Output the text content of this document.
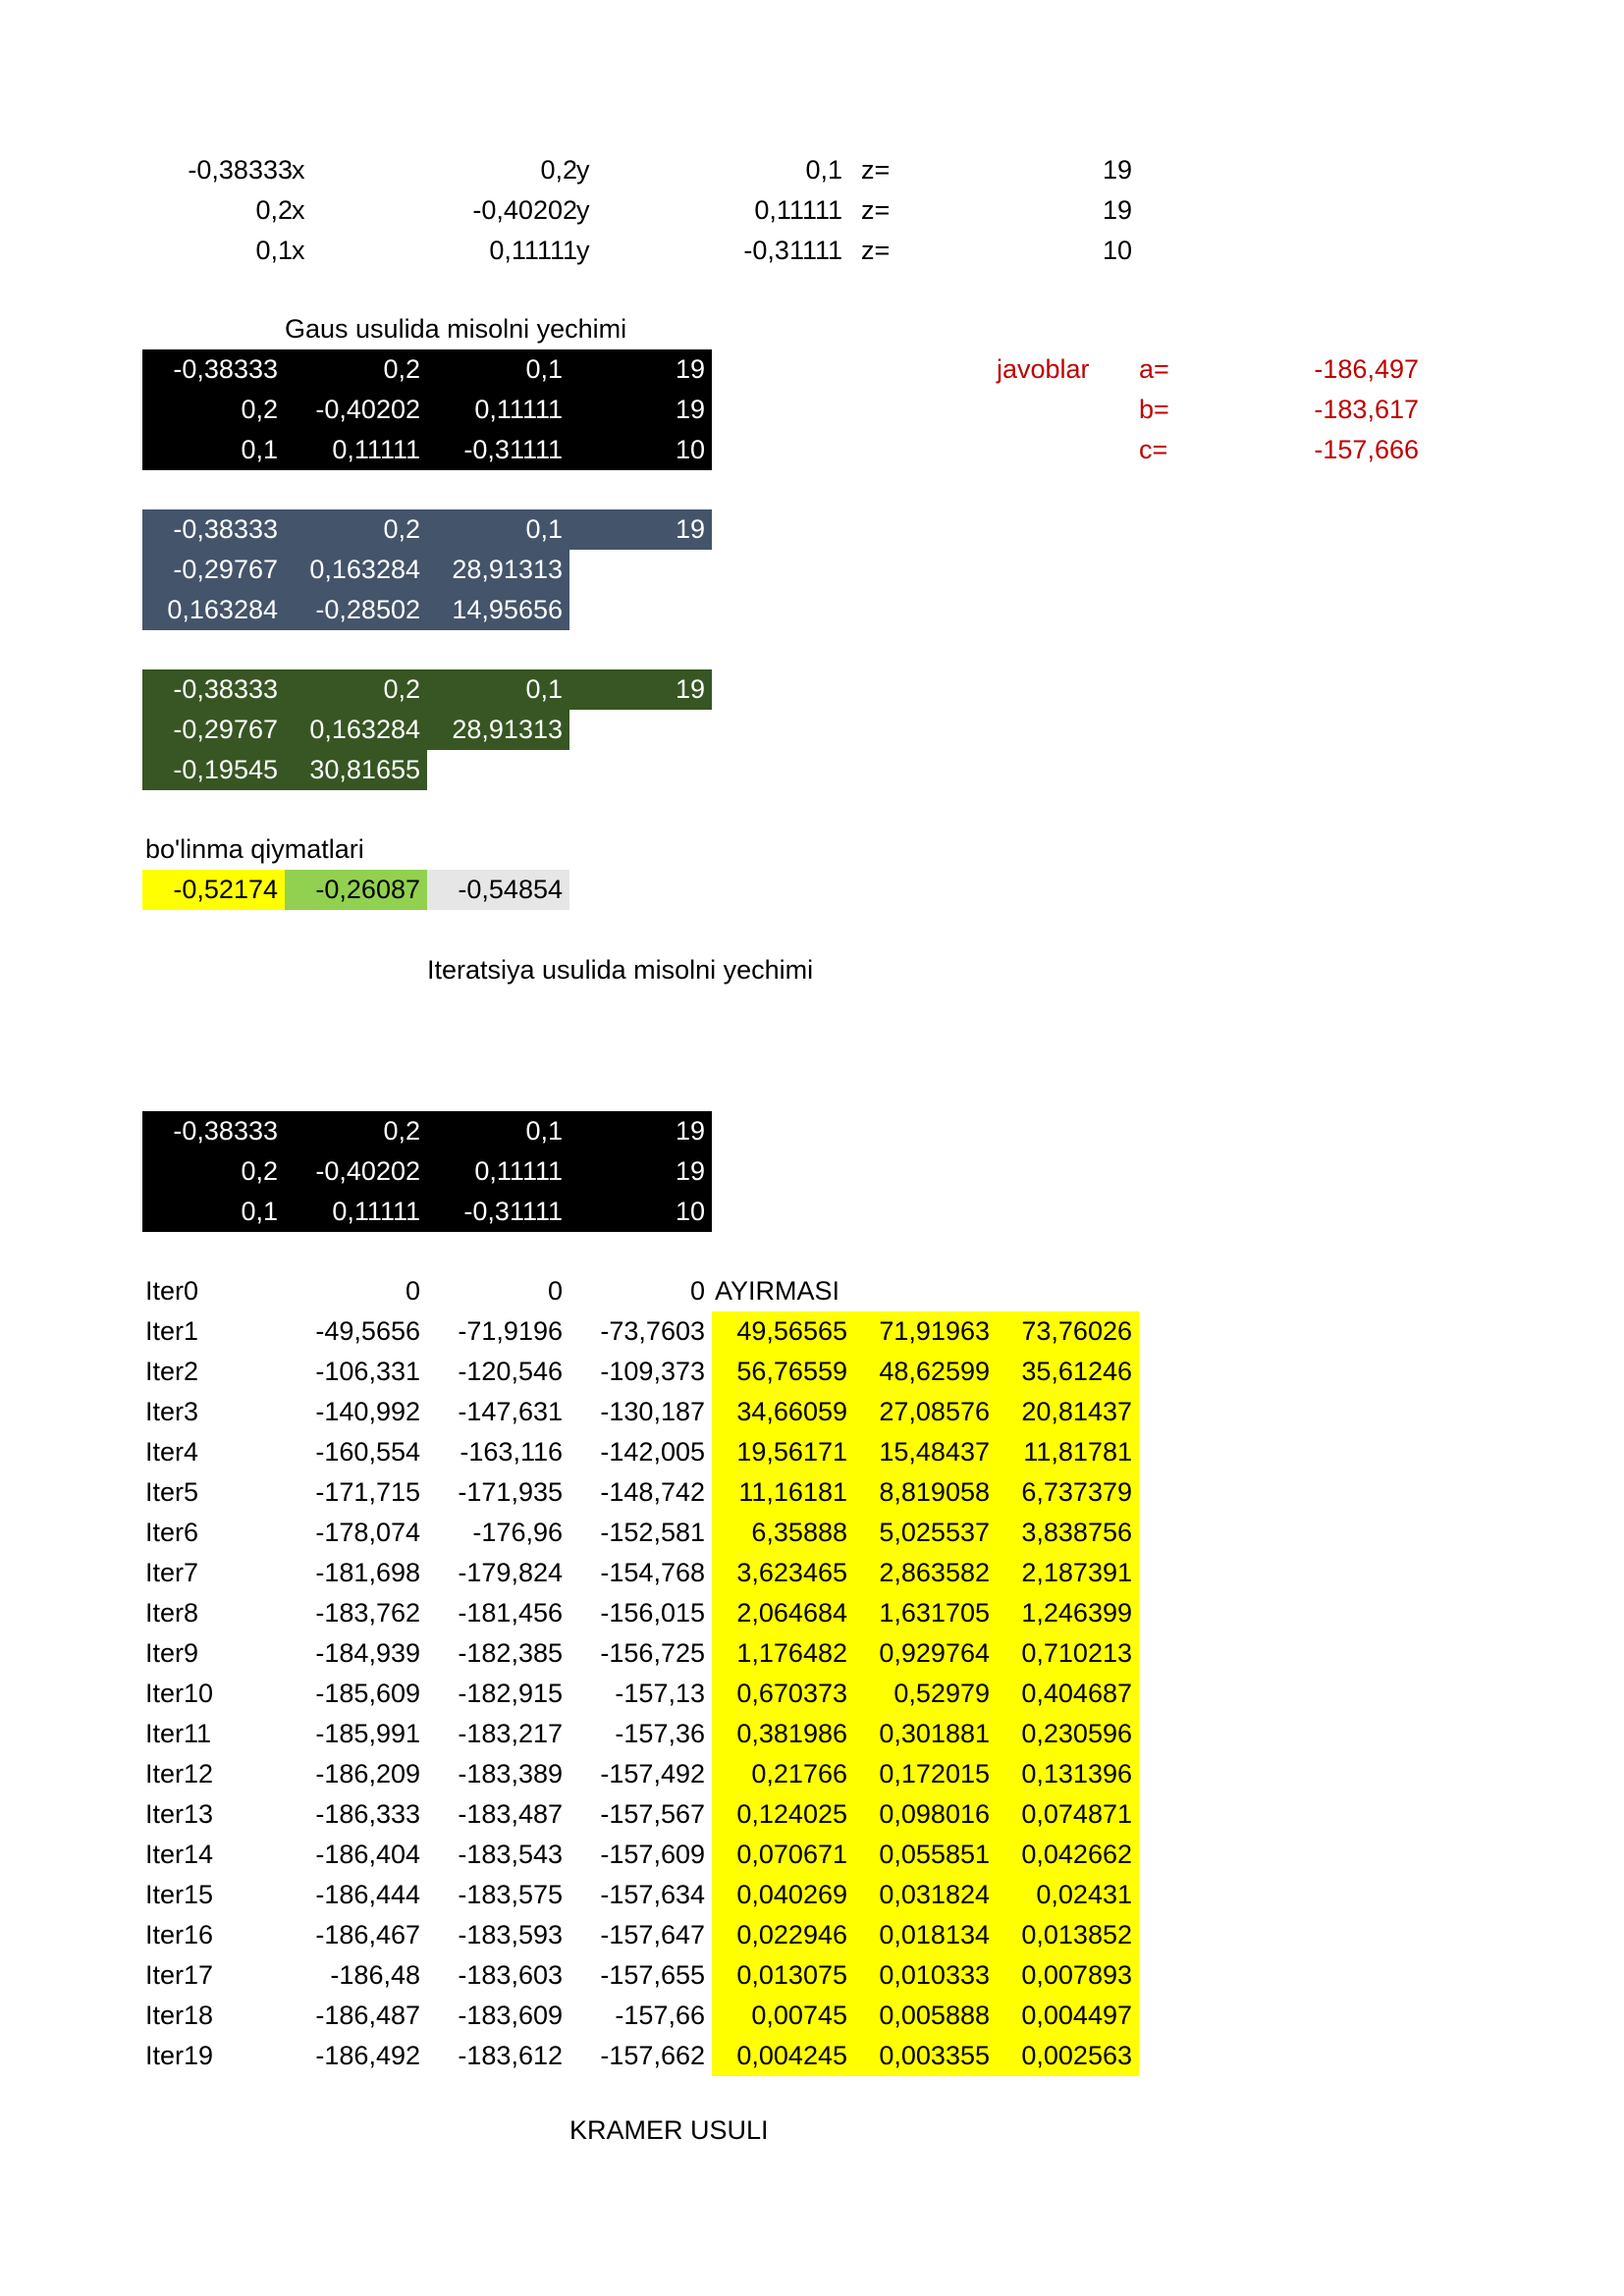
-0,38333 x	0,2 y	0,1 z=	19
0,2 x	-0,40202 y	0,11111 z=	19
0,1 x	0,11111 y	-0,31111 z=	10
Gaus usulida misolni yechimi
-0,38333	0,2	0,1	19
0,2	-0,40202	0,11111	19
0,1	0,11111	-0,31111	10
-0,38333	0,2	0,1	19
-0,29767	0,163284	28,91313
0,163284	-0,28502	14,95656
-0,38333	0,2	0,1	19
-0,29767	0,163284	28,91313
-0,19545	30,81655
javoblar	a=	-186,497
b=	-183,617
c=	-157,666
bo'linma qiymatlari
-0,52174	-0,26087	-0,54854
Iteratsiya usulida misolni yechimi
-0,38333	0,2	0,1	19
0,2	-0,40202	0,11111	19
0,1	0,11111	-0,31111	10
Iter0	0	0	0 AYIRMASI
Iter1	-49,5656	-71,9196	-73,7603	49,56565	71,91963	73,76026
Iter2	-106,331	-120,546	-109,373	56,76559	48,62599	35,61246
Iter3	-140,992	-147,631	-130,187	34,66059	27,08576	20,81437
Iter4	-160,554	-163,116	-142,005	19,56171	15,48437	11,81781
Iter5	-171,715	-171,935	-148,742	11,16181	8,819058	6,737379
Iter6	-178,074	-176,96	-152,581	6,35888	5,025537	3,838756
Iter7	-181,698	-179,824	-154,768	3,623465	2,863582	2,187391
Iter8	-183,762	-181,456	-156,015	2,064684	1,631705	1,246399
Iter9	-184,939	-182,385	-156,725	1,176482	0,929764	0,710213
Iter10	-185,609	-182,915	-157,13	0,670373	0,52979	0,404687
Iter11	-185,991	-183,217	-157,36	0,381986	0,301881	0,230596
Iter12	-186,209	-183,389	-157,492	0,21766	0,172015	0,131396
Iter13	-186,333	-183,487	-157,567	0,124025	0,098016	0,074871
Iter14	-186,404	-183,543	-157,609	0,070671	0,055851	0,042662
Iter15	-186,444	-183,575	-157,634	0,040269	0,031824	0,02431
Iter16	-186,467	-183,593	-157,647	0,022946	0,018134	0,013852
Iter17	-186,48	-183,603	-157,655	0,013075	0,010333	0,007893
Iter18	-186,487	-183,609	-157,66	0,00745	0,005888	0,004497
Iter19	-186,492	-183,612	-157,662	0,004245	0,003355	0,002563
KRAMER USULI
